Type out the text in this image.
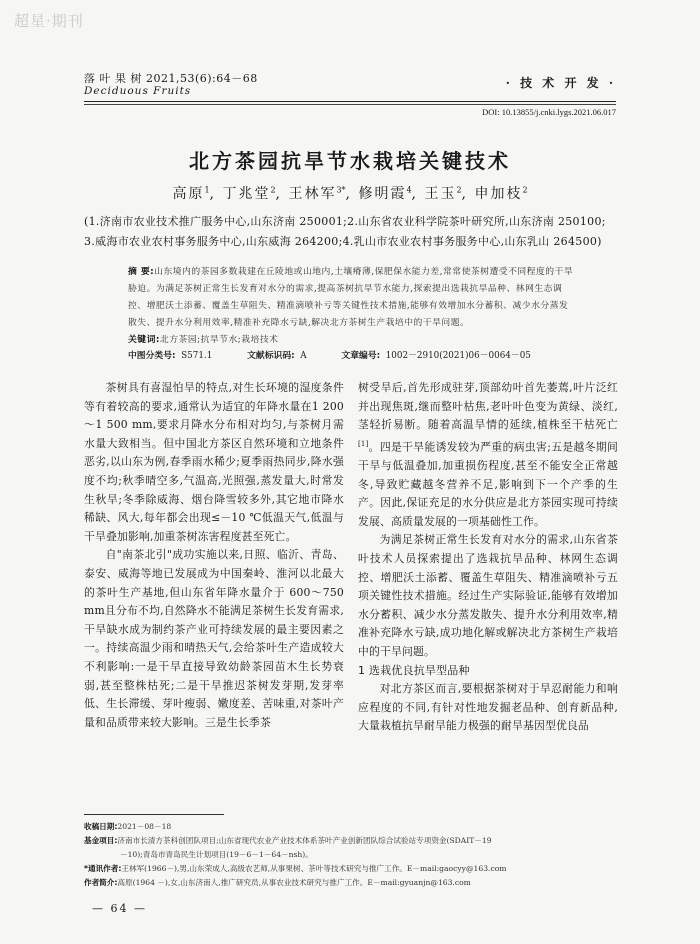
超星·期刊
落 叶 果 树 2021,53(6):64－68
Deciduous Fruits
· 技 术 开 发 ·
DOI: 10.13855/j.cnki.lygs.2021.06.017
北方茶园抗旱节水栽培关键技术
高原$^1$, 丁兆堂$^2$, 王林军$^{3*}$, 修明霞$^4$, 王玉$^2$, 申加枝$^2$
(1.济南市农业技术推广服务中心,山东济南 250001;2.山东省农业科学院茶叶研究所,山东济南 250100;
3.威海市农业农村事务服务中心,山东威海 264200;4.乳山市农业农村事务服务中心,山东乳山 264500)
摘 要:山东境内的茶园多数栽建在丘陵地或山地内,土壤瘠薄,保肥保水能力差,常常使茶树遭受不同程度的干旱胁迫。为满足茶树正常生长发育对水分的需求,提高茶树抗旱节水能力,探索提出选栽抗旱品种、林网生态调控、增肥沃土添蓄、覆盖生草阻失、精准滴喷补亏等关键性技术措施,能够有效增加水分蓄积、减少水分蒸发散失、提升水分利用效率,精准补充降水亏缺,解决北方茶树生产栽培中的干旱问题。
关键词:北方茶园;抗旱节水;栽培技术
中图分类号: S571.1	文献标识码: A	文章编号: 1002－2910(2021)06－0064－05

茶树具有喜湿怕旱的特点,对生长环境的湿度条件等有着较高的要求,通常认为适宜的年降水量在1 200～1 500 mm,要求月降水分布相对均匀,与茶树月需水量大致相当。但中国北方茶区自然环境和立地条件恶劣,以山东为例,春季雨水稀少;夏季雨热同步,降水强度不均;秋季晴空多,气温高,光照强,蒸发量大,时常发生秋旱;冬季除威海、烟台降雪较多外,其它地市降水稀缺、风大,每年都会出现≤－10 ℃低温天气,低温与干旱叠加影响,加重茶树冻害程度甚至死亡。

自"南茶北引"成功实施以来,日照、临沂、青岛、泰安、威海等地已发展成为中国秦岭、淮河以北最大的茶叶生产基地,但山东省年降水量介于 600～750 mm且分布不均,自然降水不能满足茶树生长发育需求,干旱缺水成为制约茶产业可持续发展的最主要因素之一。持续高温少雨和晴热天气,会给茶叶生产造成较大不利影响:一是干旱直接导致幼龄茶园苗木生长势衰弱,甚至整株枯死;二是干旱推迟茶树发芽期,发芽率低、生长滞缓、芽叶瘦弱、嫩度差、苦味重,对茶叶产量和品质带来较大影响。三是生长季茶

树受旱后,首先形成驻芽,顶部幼叶首先萎蔫,叶片泛红并出现焦斑,继而整叶枯焦,老叶叶色变为黄绿、淡红,茎轻折易断。随着高温旱情的延续,植株至干枯死亡[1]。四是干旱能诱发较为严重的病虫害;五是越冬期间干旱与低温叠加,加重损伤程度,甚至不能安全正常越冬,导致贮藏越冬营养不足,影响到下一个产季的生产。因此,保证充足的水分供应是北方茶园实现可持续发展、高质量发展的一项基础性工作。

为满足茶树正常生长发育对水分的需求,山东省茶叶技术人员探索提出了选栽抗旱品种、林网生态调控、增肥沃土添蓄、覆盖生草阻失、精准滴喷补亏五项关键性技术措施。经过生产实际验证,能够有效增加水分蓄积、减少水分蒸发散失、提升水分利用效率,精准补充降水亏缺,成功地化解或解决北方茶树生产栽培中的干旱问题。

1 选栽优良抗旱型品种

对北方茶区而言,要根据茶树对于旱忍耐能力和响应程度的不同,有针对性地发掘老品种、创育新品种,大量栽植抗旱耐旱能力极强的耐旱基因型优良品

收稿日期:2021－08－18
基金项目:济南市长清方茶科创团队项目;山东省现代农业产业技术体系茶叶产业创新团队综合试验站专项资金(SDAIT－19
－10);青岛市青岛民生计划项目(19－6－1－64－nsh)。
*通讯作者:王林军(1966－),男,山东荣成人,高级农艺师,从事果树、茶叶等技术研究与推广工作。E－mail:gaocyy@163.com
作者简介:高原(1964 －),女,山东济南人,推广研究员,从事农业技术研究与推广工作。E－mail:gyuanjn@163.com
— 64 —
